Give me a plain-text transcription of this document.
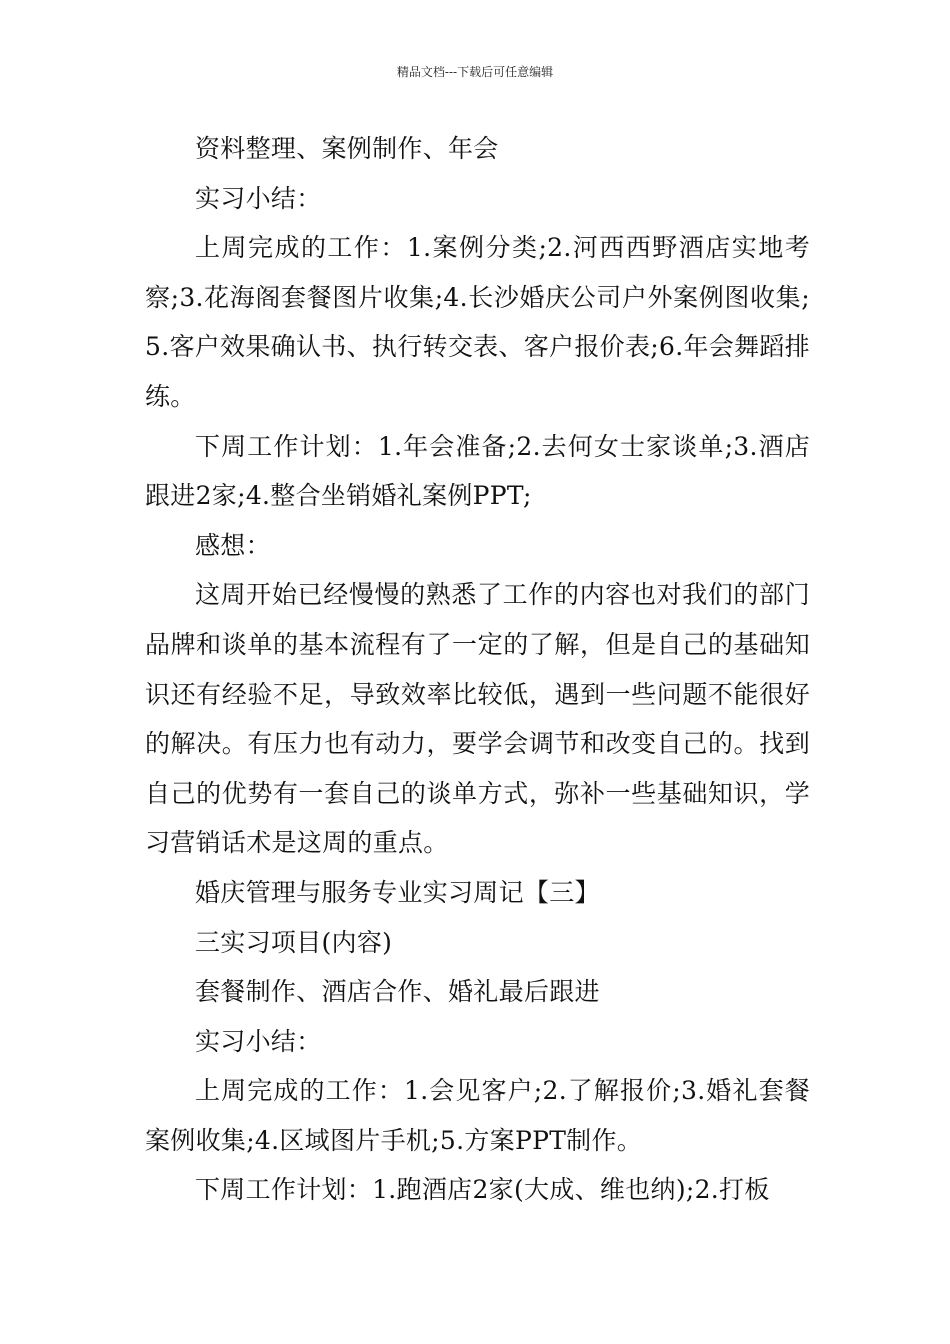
精品文档---下载后可任意编辑

资料整理、案例制作、年会

实习小结：

上周完成的工作：1.案例分类;2.河西西野酒店实地考察;3.花海阁套餐图片收集;4.长沙婚庆公司户外案例图收集;5.客户效果确认书、执行转交表、客户报价表;6.年会舞蹈排练。

下周工作计划：1.年会准备;2.去何女士家谈单;3.酒店跟进2家;4.整合坐销婚礼案例PPT;

感想：

这周开始已经慢慢的熟悉了工作的内容也对我们的部门品牌和谈单的基本流程有了一定的了解，但是自己的基础知识还有经验不足，导致效率比较低，遇到一些问题不能很好的解决。有压力也有动力，要学会调节和改变自己的。找到自己的优势有一套自己的谈单方式，弥补一些基础知识，学习营销话术是这周的重点。

婚庆管理与服务专业实习周记【三】

三实习项目(内容)

套餐制作、酒店合作、婚礼最后跟进

实习小结：

上周完成的工作：1.会见客户;2.了解报价;3.婚礼套餐案例收集;4.区域图片手机;5.方案PPT制作。

下周工作计划：1.跑酒店2家(大成、维也纳);2.打板
